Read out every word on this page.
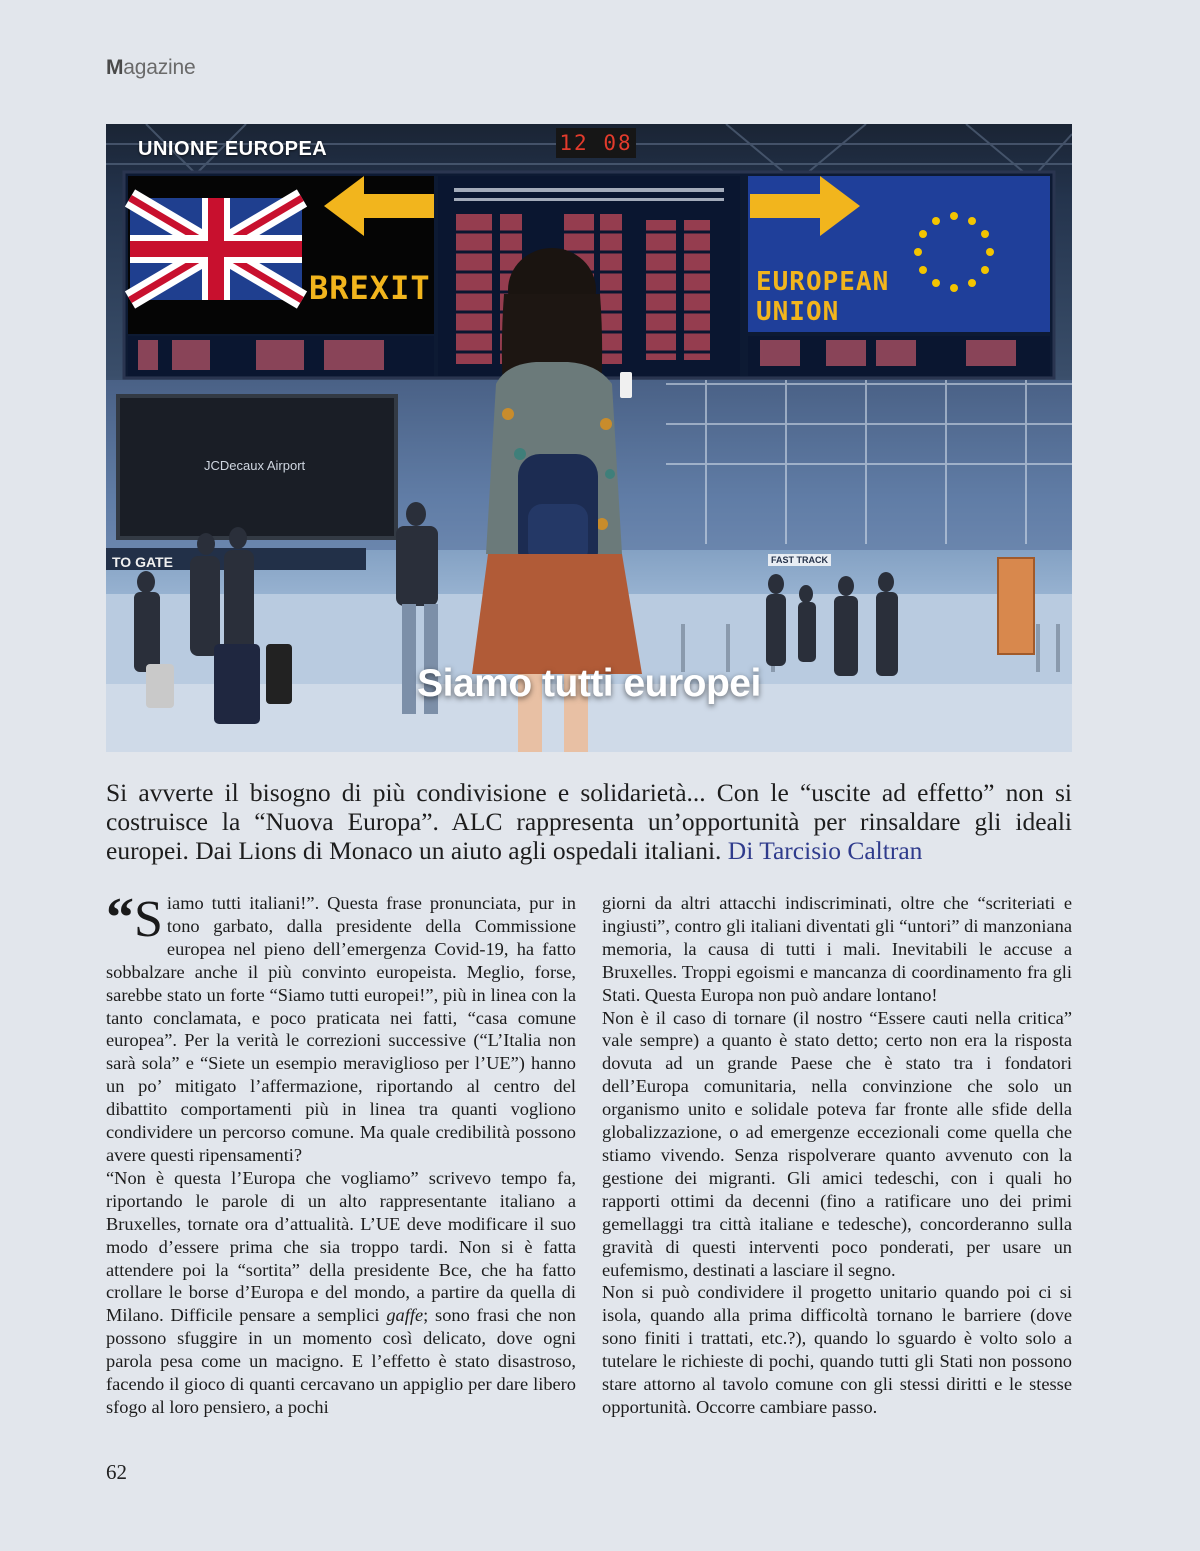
Magazine
UNIONE EUROPEA	12 08
BREXIT	EUROPEAN
UNION
JCDecaux Airport
TO GATE	FAST TRACK
Siamo tutti europei
Si avverte il bisogno di più condivisione e solidarietà... Con le “uscite ad effetto” non si costruisce la “Nuova Europa”. ALC rappresenta un’opportunità per rinsaldare gli ideali europei. Dai Lions di Monaco un aiuto agli ospedali italiani. Di Tarcisio Caltran

“S iamo tutti italiani!”. Questa frase pronunciata, pur in tono garbato, dalla presidente della Commissione europea nel pieno dell’emergenza Covid-19, ha fatto sobbalzare anche il più convinto europeista. Meglio, forse, sarebbe stato un forte “Siamo tutti europei!”, più in linea con la tanto conclamata, e poco praticata nei fatti, “casa comune europea”. Per la verità le correzioni successive (“L’Italia non sarà sola” e “Siete un esempio meraviglioso per l’UE”) hanno un po’ mitigato l’affermazione, riportando al centro del dibattito comportamenti più in linea tra quanti vogliono condividere un percorso comune. Ma quale credibilità possono avere questi ripensamenti?

“Non è questa l’Europa che vogliamo” scrivevo tempo fa, riportando le parole di un alto rappresentante italiano a Bruxelles, tornate ora d’attualità. L’UE deve modificare il suo modo d’essere prima che sia troppo tardi. Non si è fatta attendere poi la “sortita” della presidente Bce, che ha fatto crollare le borse d’Europa e del mondo, a partire da quella di Milano. Difficile pensare a semplici gaffe; sono frasi che non possono sfuggire in un momento così delicato, dove ogni parola pesa come un macigno. E l’effetto è stato disastroso, facendo il gioco di quanti cercavano un appiglio per dare libero sfogo al loro pensiero, a pochi

giorni da altri attacchi indiscriminati, oltre che “scriteriati e ingiusti”, contro gli italiani diventati gli “untori” di manzoniana memoria, la causa di tutti i mali. Inevitabili le accuse a Bruxelles. Troppi egoismi e mancanza di coordinamento fra gli Stati. Questa Europa non può andare lontano!

Non è il caso di tornare (il nostro “Essere cauti nella critica” vale sempre) a quanto è stato detto; certo non era la risposta dovuta ad un grande Paese che è stato tra i fondatori dell’Europa comunitaria, nella convinzione che solo un organismo unito e solidale poteva far fronte alle sfide della globalizzazione, o ad emergenze eccezionali come quella che stiamo vivendo. Senza rispolverare quanto avvenuto con la gestione dei migranti. Gli amici tedeschi, con i quali ho rapporti ottimi da decenni (fino a ratificare uno dei primi gemellaggi tra città italiane e tedesche), concorderanno sulla gravità di questi interventi poco ponderati, per usare un eufemismo, destinati a lasciare il segno.

Non si può condividere il progetto unitario quando poi ci si isola, quando alla prima difficoltà tornano le barriere (dove sono finiti i trattati, etc.?), quando lo sguardo è volto solo a tutelare le richieste di pochi, quando tutti gli Stati non possono stare attorno al tavolo comune con gli stessi diritti e le stesse opportunità. Occorre cambiare passo.

62
